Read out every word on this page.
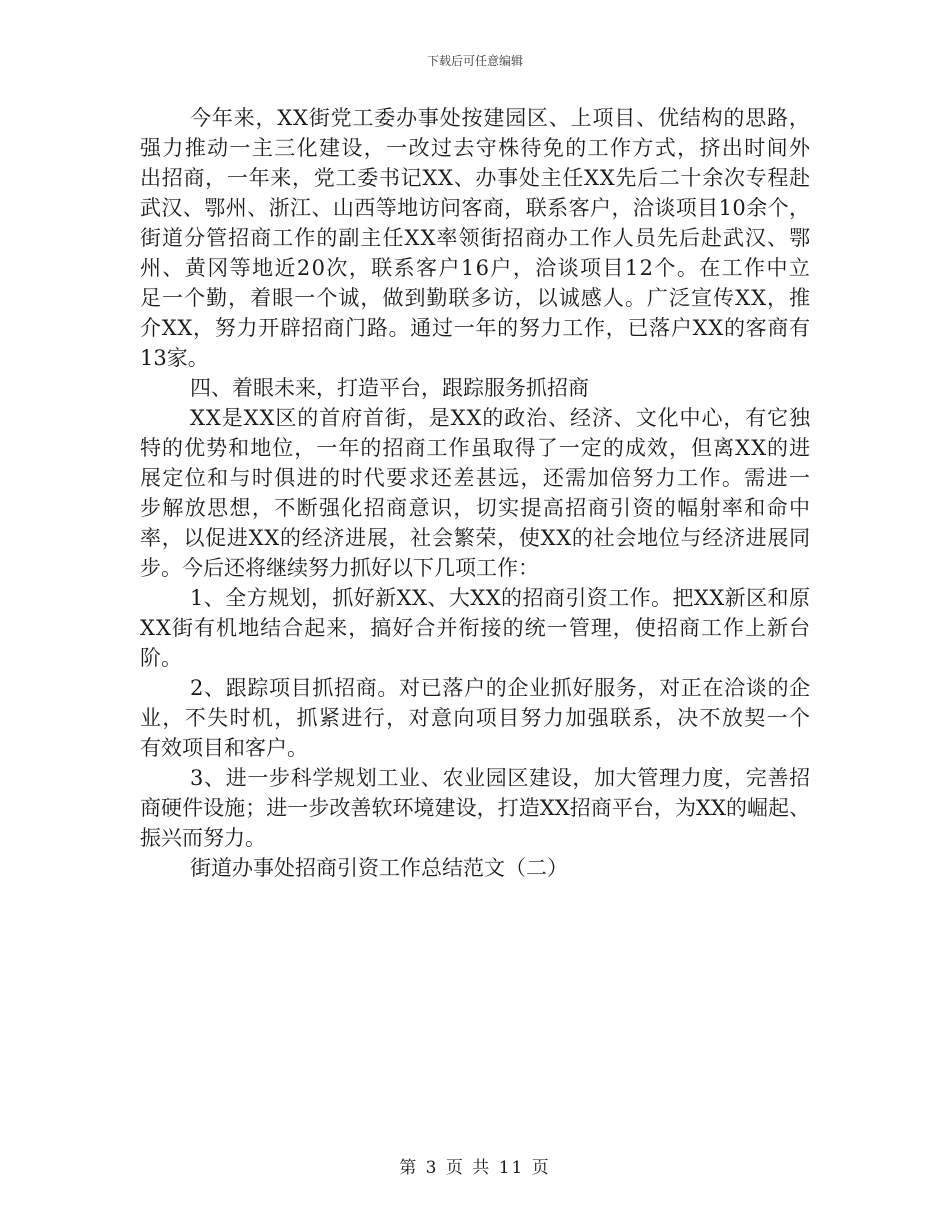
下载后可任意编辑
今年来，XX街党工委办事处按建园区、上项目、优结构的思路，
强力推动一主三化建设，一改过去守株待免的工作方式，挤出时间外
出招商，一年来，党工委书记XX、办事处主任XX先后二十余次专程赴
武汉、鄂州、浙江、山西等地访问客商，联系客户，洽谈项目10余个，
街道分管招商工作的副主任XX率领街招商办工作人员先后赴武汉、鄂
州、黄冈等地近20次，联系客户16户，洽谈项目12个。在工作中立
足一个勤，着眼一个诚，做到勤联多访，以诚感人。广泛宣传XX，推
介XX，努力开辟招商门路。通过一年的努力工作，已落户XX的客商有
13家。
四、着眼未来，打造平台，跟踪服务抓招商
XX是XX区的首府首街，是XX的政治、经济、文化中心，有它独
特的优势和地位，一年的招商工作虽取得了一定的成效，但离XX的进
展定位和与时俱进的时代要求还差甚远，还需加倍努力工作。需进一
步解放思想，不断强化招商意识，切实提高招商引资的幅射率和命中
率，以促进XX的经济进展，社会繁荣，使XX的社会地位与经济进展同
步。今后还将继续努力抓好以下几项工作：
1、全方规划，抓好新XX、大XX的招商引资工作。把XX新区和原
XX街有机地结合起来，搞好合并衔接的统一管理，使招商工作上新台
阶。
2、跟踪项目抓招商。对已落户的企业抓好服务，对正在洽谈的企
业，不失时机，抓紧进行，对意向项目努力加强联系，决不放契一个
有效项目和客户。
3、进一步科学规划工业、农业园区建设，加大管理力度，完善招
商硬件设施；进一步改善软环境建设，打造XX招商平台，为XX的崛起、
振兴而努力。
街道办事处招商引资工作总结范文（二）
第 3 页 共 11 页
